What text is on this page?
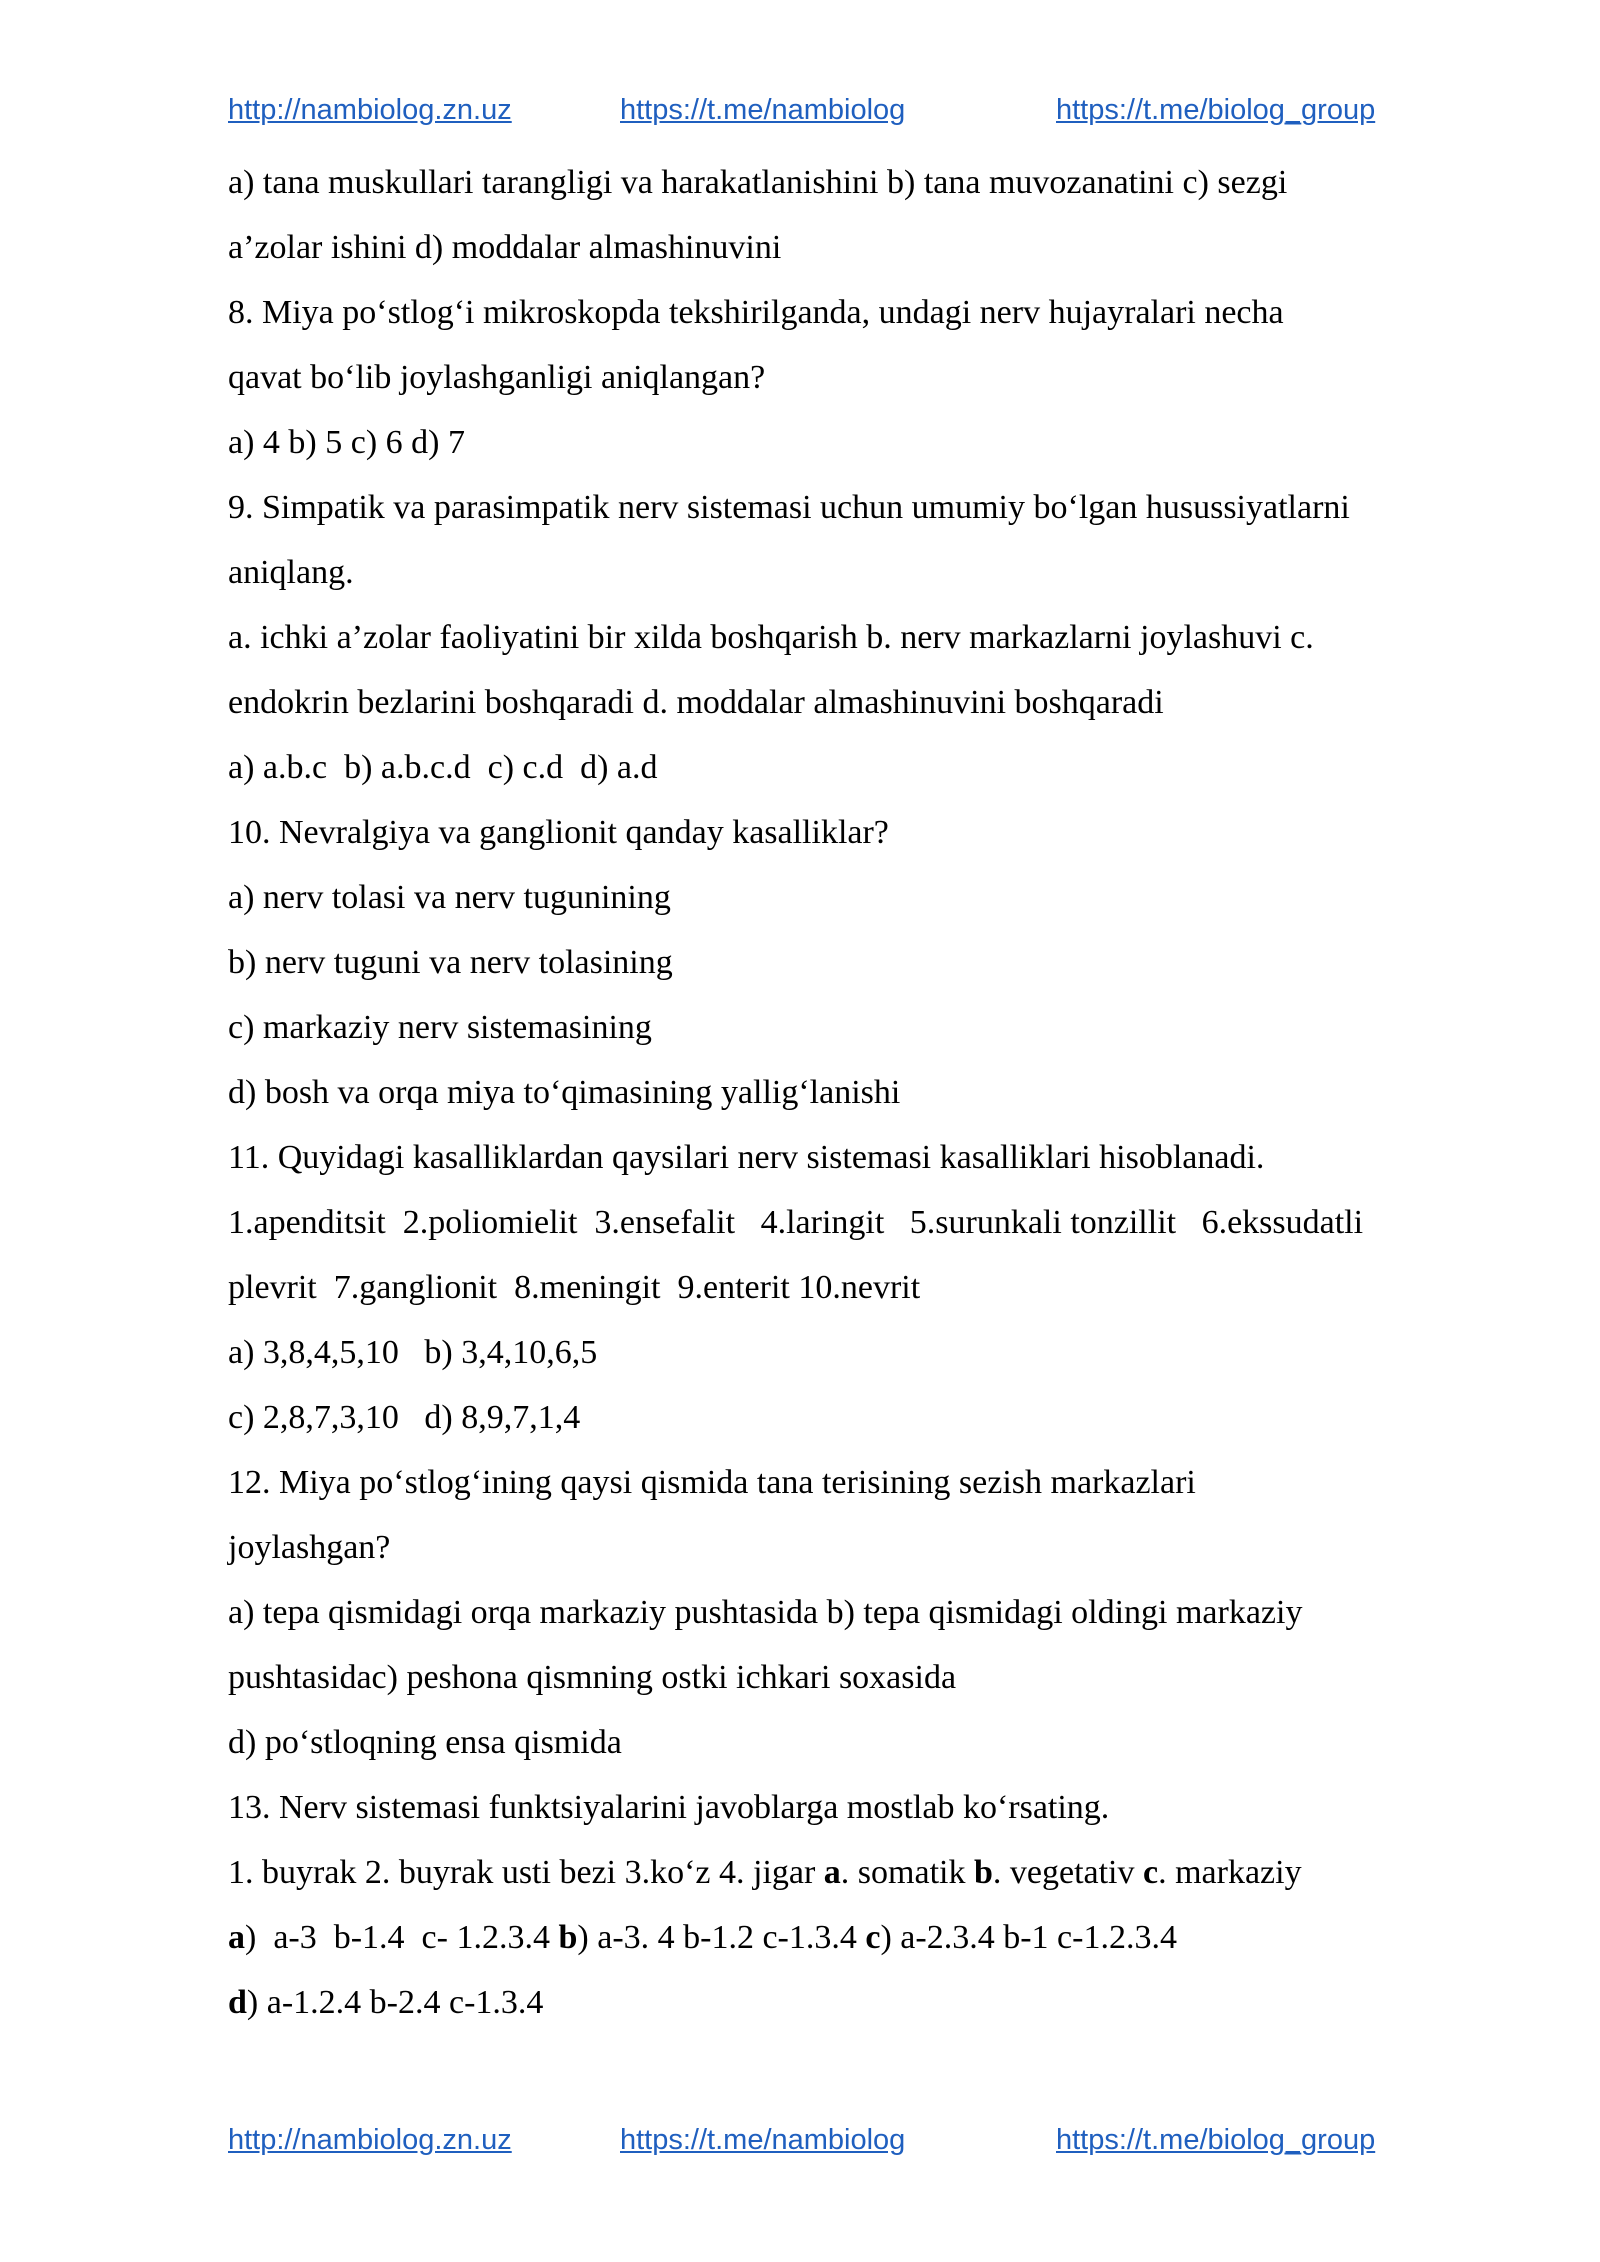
http://nambiolog.zn.uz	https://t.me/nambiolog	https://t.me/biolog_group
a) tana muskullari tarangligi va harakatlanishini b) tana muvozanatini c) sezgi
a’zolar ishini d) moddalar almashinuvini
8. Miya po‘stlog‘i mikroskopda tekshirilganda, undagi nerv hujayralari necha
qavat bo‘lib joylashganligi aniqlangan?
a) 4 b) 5 c) 6 d) 7
9. Simpatik va parasimpatik nerv sistemasi uchun umumiy bo‘lgan husussiyatlarni
aniqlang.
a. ichki a’zolar faoliyatini bir xilda boshqarish b. nerv markazlarni joylashuvi c.
endokrin bezlarini boshqaradi d. moddalar almashinuvini boshqaradi
a) a.b.c  b) a.b.c.d  c) c.d  d) a.d
10. Nevralgiya va ganglionit qanday kasalliklar?
a) nerv tolasi va nerv tugunining
b) nerv tuguni va nerv tolasining
c) markaziy nerv sistemasining
d) bosh va orqa miya to‘qimasining yallig‘lanishi
11. Quyidagi kasalliklardan qaysilari nerv sistemasi kasalliklari hisoblanadi.
1.apenditsit  2.poliomielit  3.ensefalit   4.laringit   5.surunkali tonzillit   6.ekssudatli
plevrit  7.ganglionit  8.meningit  9.enterit 10.nevrit
a) 3,8,4,5,10   b) 3,4,10,6,5
c) 2,8,7,3,10   d) 8,9,7,1,4
12. Miya po‘stlog‘ining qaysi qismida tana terisining sezish markazlari
joylashgan?
a) tepa qismidagi orqa markaziy pushtasida b) tepa qismidagi oldingi markaziy
pushtasidac) peshona qismning ostki ichkari soxasida
d) po‘stloqning ensa qismida
13. Nerv sistemasi funktsiyalarini javoblarga mostlab ko‘rsating.
1. buyrak 2. buyrak usti bezi 3.ko‘z 4. jigar a. somatik b. vegetativ c. markaziy
a)  a-3  b-1.4  c- 1.2.3.4 b) a-3. 4 b-1.2 c-1.3.4 c) a-2.3.4 b-1 c-1.2.3.4
d) a-1.2.4 b-2.4 c-1.3.4
http://nambiolog.zn.uz	https://t.me/nambiolog	https://t.me/biolog_group
